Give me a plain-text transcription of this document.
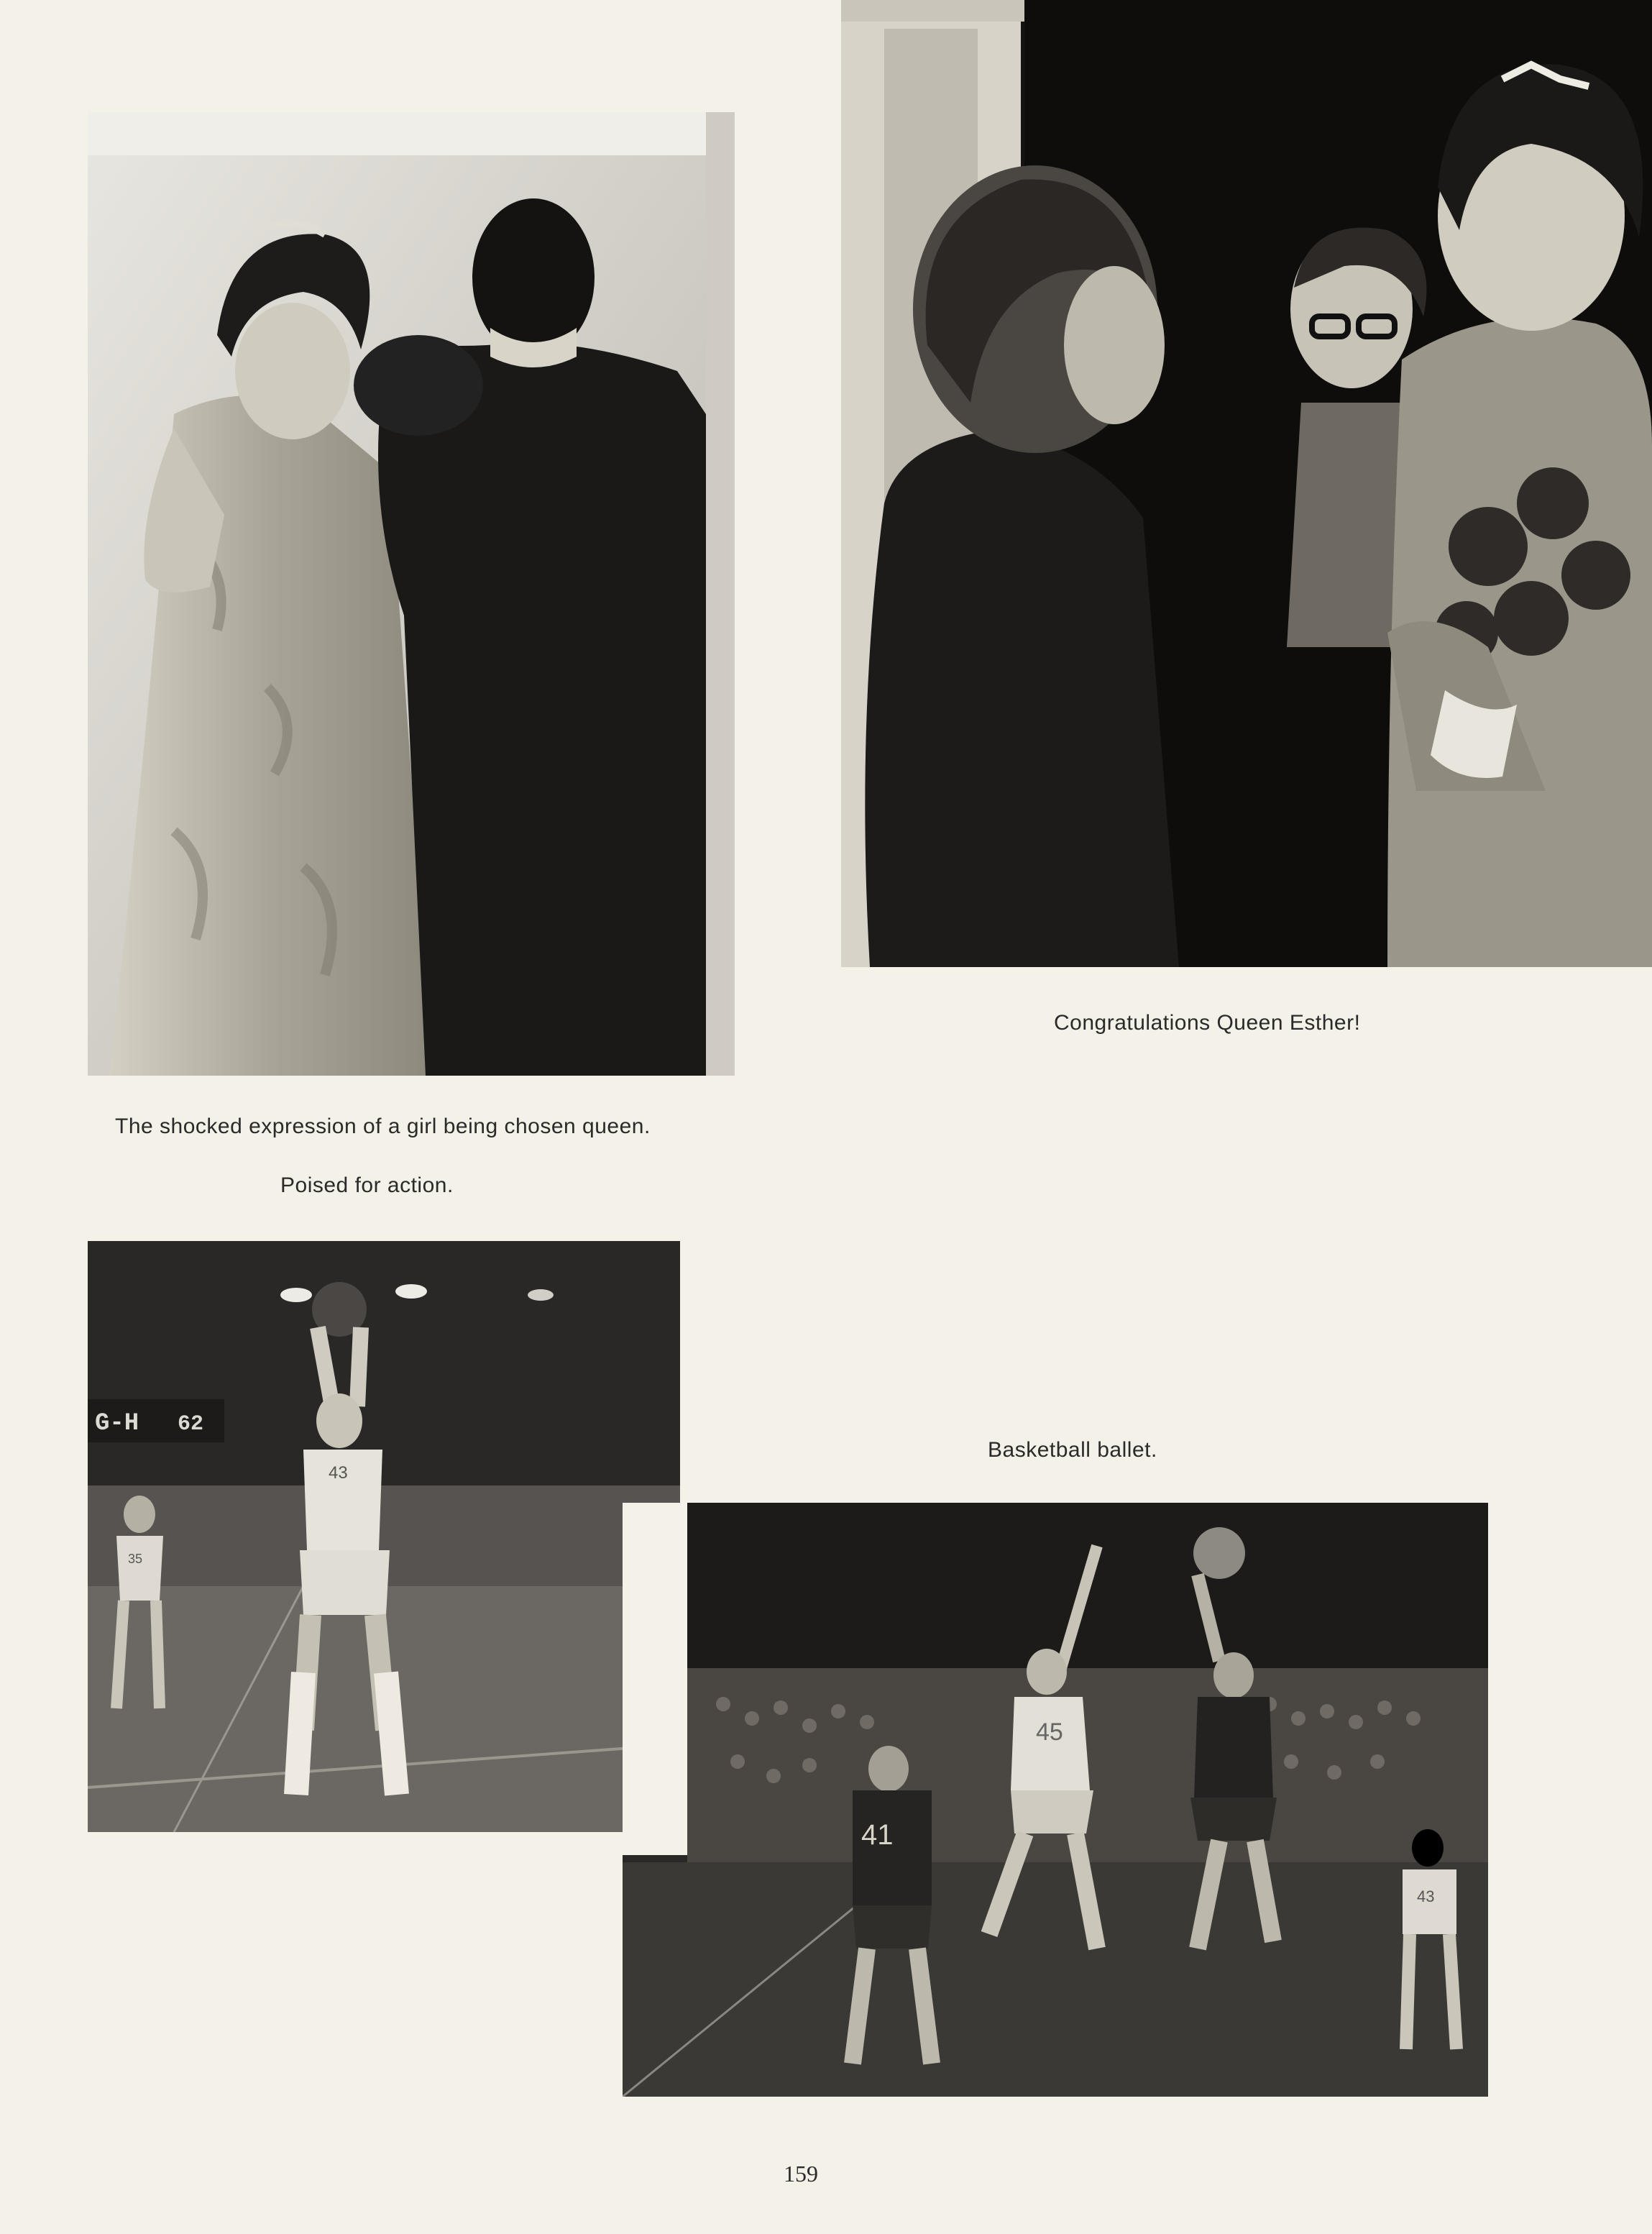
Congratulations Queen Esther!
The shocked expression of a girl being chosen queen.
Poised for action.
Basketball ballet.
G-H 62
43
35
45
41
43
159
